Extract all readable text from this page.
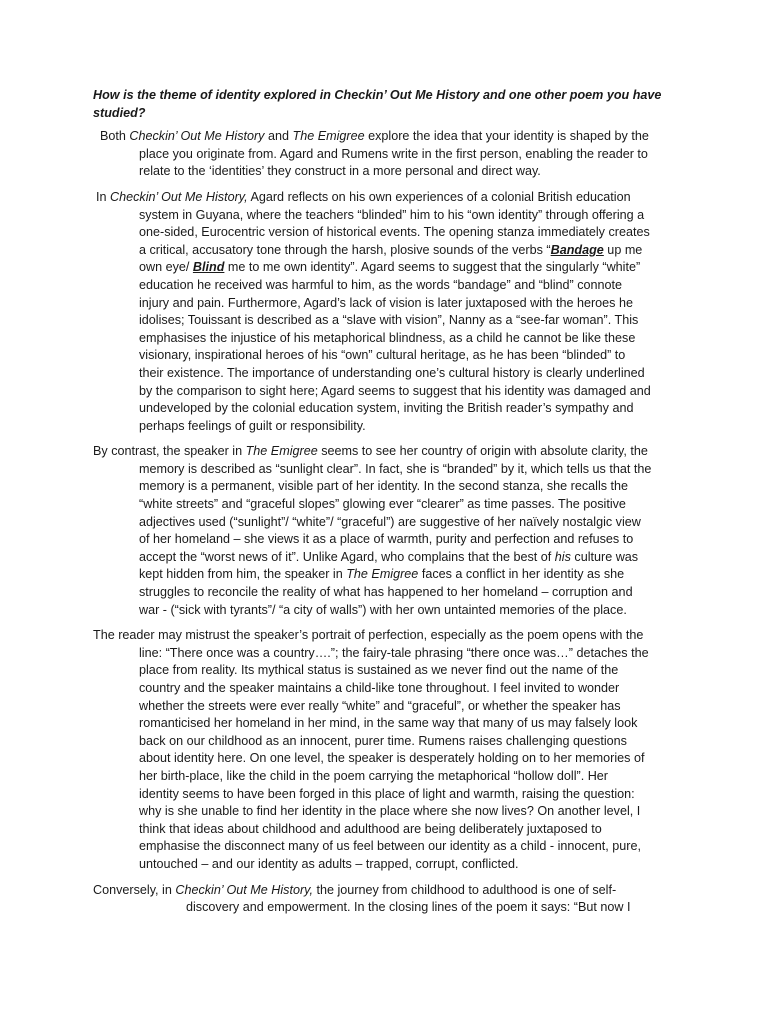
How is the theme of identity explored in Checkin’ Out Me History and one other poem you have
studied?
Both Checkin’ Out Me History and The Emigree explore the idea that your identity is shaped by the
place you originate from. Agard and Rumens write in the first person, enabling the reader to
relate to the ‘identities’ they construct in a more personal and direct way.
In Checkin’ Out Me History, Agard reflects on his own experiences of a colonial British education
system in Guyana, where the teachers “blinded” him to his “own identity” through offering a
one-sided, Eurocentric version of historical events. The opening stanza immediately creates
a critical, accusatory tone through the harsh, plosive sounds of the verbs “Bandage up me
own eye/ Blind me to me own identity”. Agard seems to suggest that the singularly “white”
education he received was harmful to him, as the words “bandage” and “blind” connote
injury and pain. Furthermore, Agard’s lack of vision is later juxtaposed with the heroes he
idolises; Touissant is described as a “slave with vision”, Nanny as a “see-far woman”. This
emphasises the injustice of his metaphorical blindness, as a child he cannot be like these
visionary, inspirational heroes of his “own” cultural heritage, as he has been “blinded” to
their existence. The importance of understanding one’s cultural history is clearly underlined
by the comparison to sight here; Agard seems to suggest that his identity was damaged and
undeveloped by the colonial education system, inviting the British reader’s sympathy and
perhaps feelings of guilt or responsibility.
By contrast, the speaker in The Emigree seems to see her country of origin with absolute clarity, the
memory is described as “sunlight clear”. In fact, she is “branded” by it, which tells us that the
memory is a permanent, visible part of her identity. In the second stanza, she recalls the
“white streets” and “graceful slopes” glowing ever “clearer” as time passes. The positive
adjectives used (“sunlight”/ “white”/ “graceful”) are suggestive of her naïvely nostalgic view
of her homeland – she views it as a place of warmth, purity and perfection and refuses to
accept the “worst news of it”. Unlike Agard, who complains that the best of his culture was
kept hidden from him, the speaker in The Emigree faces a conflict in her identity as she
struggles to reconcile the reality of what has happened to her homeland – corruption and
war - (“sick with tyrants”/ “a city of walls”) with her own untainted memories of the place.
The reader may mistrust the speaker’s portrait of perfection, especially as the poem opens with the
line: “There once was a country….”; the fairy-tale phrasing “there once was…” detaches the
place from reality. Its mythical status is sustained as we never find out the name of the
country and the speaker maintains a child-like tone throughout. I feel invited to wonder
whether the streets were ever really “white” and “graceful”, or whether the speaker has
romanticised her homeland in her mind, in the same way that many of us may falsely look
back on our childhood as an innocent, purer time. Rumens raises challenging questions
about identity here. On one level, the speaker is desperately holding on to her memories of
her birth-place, like the child in the poem carrying the metaphorical “hollow doll”. Her
identity seems to have been forged in this place of light and warmth, raising the question:
why is she unable to find her identity in the place where she now lives? On another level, I
think that ideas about childhood and adulthood are being deliberately juxtaposed to
emphasise the disconnect many of us feel between our identity as a child - innocent, pure,
untouched – and our identity as adults – trapped, corrupt, conflicted.
Conversely, in Checkin’ Out Me History, the journey from childhood to adulthood is one of self-
discovery and empowerment. In the closing lines of the poem it says: “But now I
